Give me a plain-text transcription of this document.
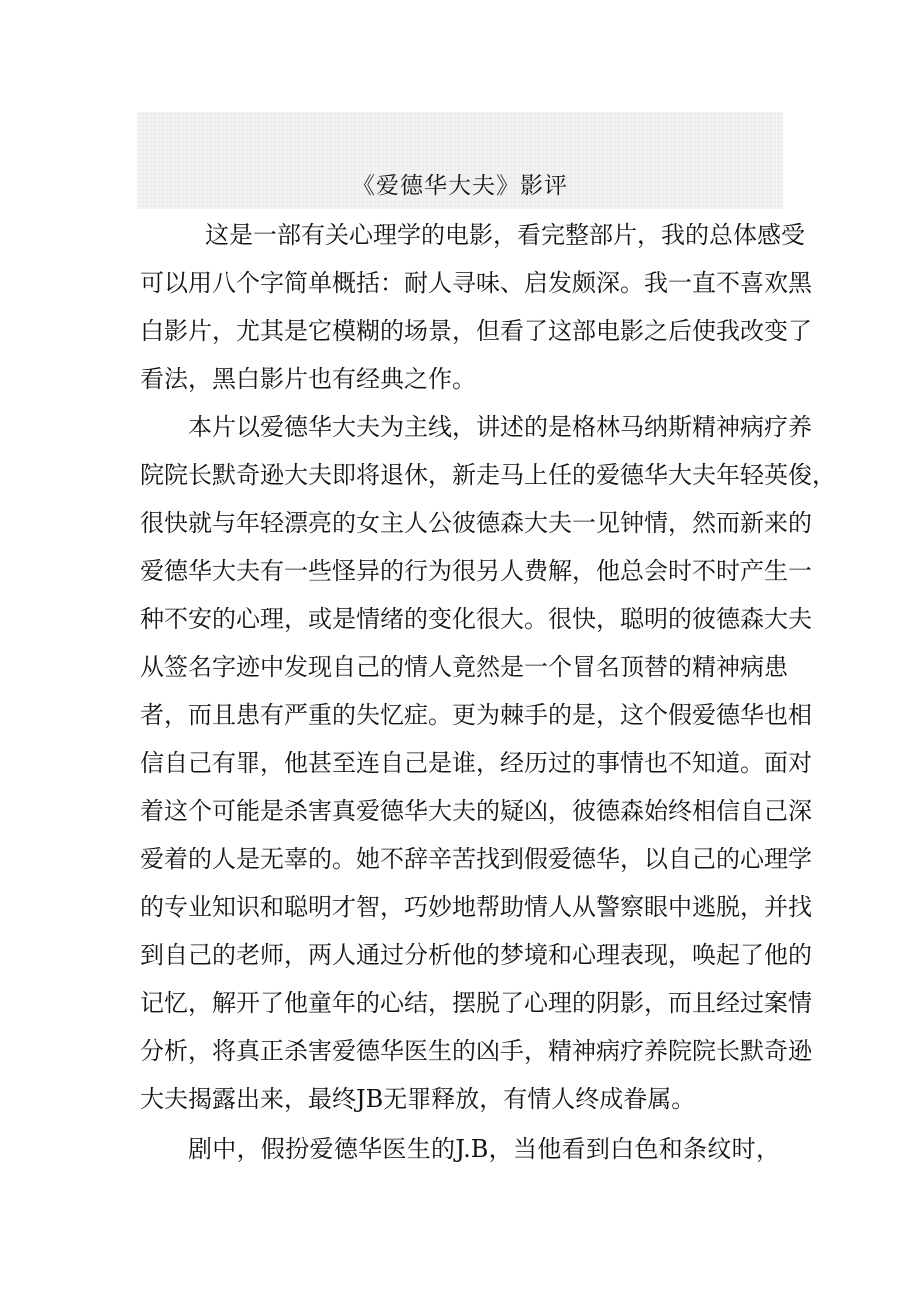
《爱德华大夫》影评
这是一部有关心理学的电影，看完整部片，我的总体感受
可以用八个字简单概括：耐人寻味、启发颇深。我一直不喜欢黑
白影片，尤其是它模糊的场景，但看了这部电影之后使我改变了
看法，黑白影片也有经典之作。
本片以爱德华大夫为主线，讲述的是格林马纳斯精神病疗养
院院长默奇逊大夫即将退休，新走马上任的爱德华大夫年轻英俊，
很快就与年轻漂亮的女主人公彼德森大夫一见钟情，然而新来的
爱德华大夫有一些怪异的行为很另人费解，他总会时不时产生一
种不安的心理，或是情绪的变化很大。很快，聪明的彼德森大夫
从签名字迹中发现自己的情人竟然是一个冒名顶替的精神病患
者，而且患有严重的失忆症。更为棘手的是，这个假爱德华也相
信自己有罪，他甚至连自己是谁，经历过的事情也不知道。面对
着这个可能是杀害真爱德华大夫的疑凶，彼德森始终相信自己深
爱着的人是无辜的。她不辞辛苦找到假爱德华，以自己的心理学
的专业知识和聪明才智，巧妙地帮助情人从警察眼中逃脱，并找
到自己的老师，两人通过分析他的梦境和心理表现，唤起了他的
记忆，解开了他童年的心结，摆脱了心理的阴影，而且经过案情
分析，将真正杀害爱德华医生的凶手，精神病疗养院院长默奇逊
大夫揭露出来，最终JB无罪释放，有情人终成眷属。
剧中，假扮爱德华医生的J.B，当他看到白色和条纹时，
